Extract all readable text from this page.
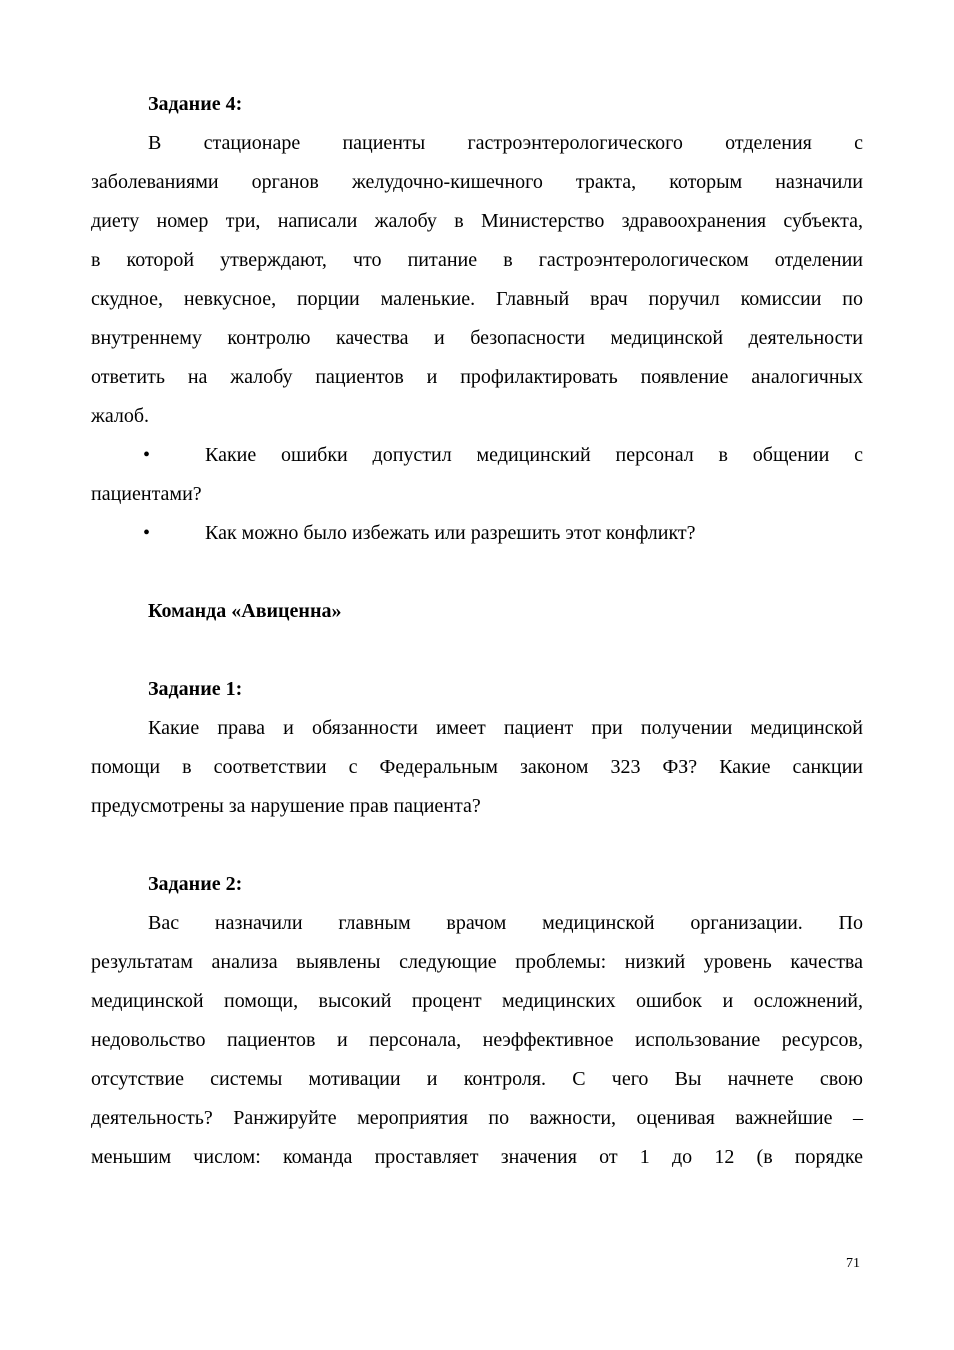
Задание 4:
В стационаре пациенты гастроэнтерологического отделения с
заболеваниями органов желудочно-кишечного тракта, которым назначили
диету номер три, написали жалобу в Министерство здравоохранения субъекта,
в которой утверждают, что питание в гастроэнтерологическом отделении
скудное, невкусное, порции маленькие. Главный врач поручил комиссии по
внутреннему контролю качества и безопасности медицинской деятельности
ответить на жалобу пациентов и профилактировать появление аналогичных
жалоб.
•	Какие ошибки допустил медицинский персонал в общении с
пациентами?
•	Как можно было избежать или разрешить этот конфликт?
Команда «Авиценна»
Задание 1:
Какие права и обязанности имеет пациент при получении медицинской
помощи в соответствии с Федеральным законом 323 ФЗ? Какие санкции
предусмотрены за нарушение прав пациента?
Задание 2:
Вас назначили главным врачом медицинской организации. По
результатам анализа выявлены следующие проблемы: низкий уровень качества
медицинской помощи, высокий процент медицинских ошибок и осложнений,
недовольство пациентов и персонала, неэффективное использование ресурсов,
отсутствие системы мотивации и контроля. С чего Вы начнете свою
деятельность? Ранжируйте мероприятия по важности, оценивая важнейшие –
меньшим числом: команда проставляет значения от 1 до 12 (в порядке
71
